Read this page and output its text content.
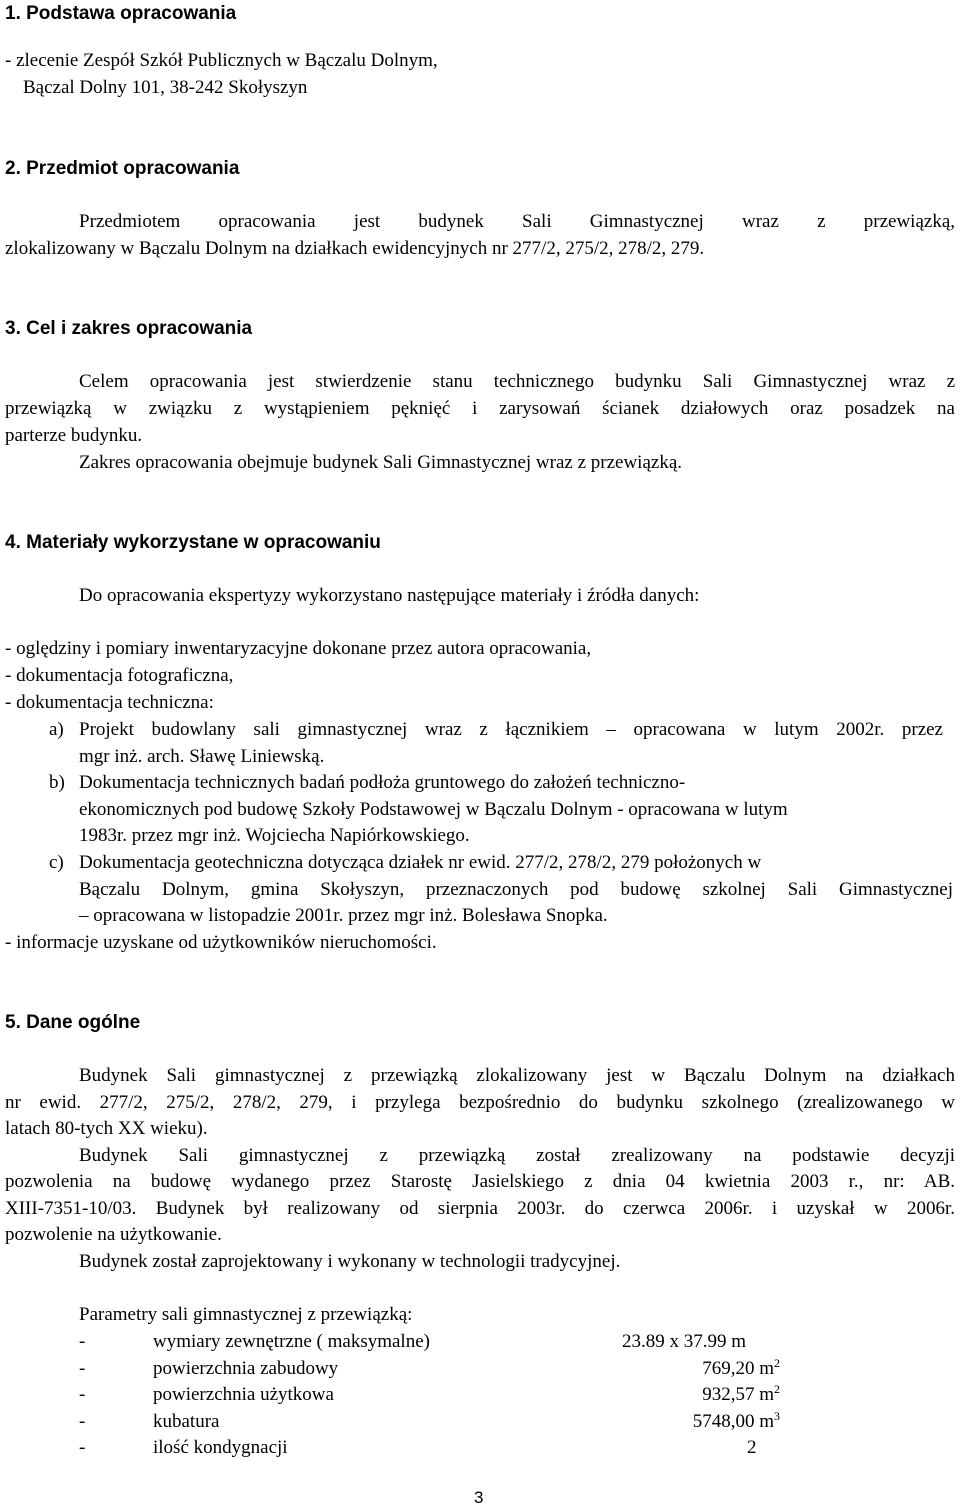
1. Podstawa opracowania
- zlecenie Zespół Szkół Publicznych w Bączalu Dolnym,
Bączal Dolny 101, 38-242 Skołyszyn
2. Przedmiot opracowania
Przedmiotem opracowania jest budynek Sali Gimnastycznej wraz z przewiązką,
zlokalizowany w Bączalu Dolnym na działkach ewidencyjnych nr 277/2, 275/2, 278/2, 279.
3. Cel i zakres opracowania
Celem opracowania jest stwierdzenie stanu technicznego budynku Sali Gimnastycznej wraz z
przewiązką w związku z wystąpieniem pęknięć i zarysowań ścianek działowych oraz posadzek na
parterze budynku.
Zakres opracowania obejmuje budynek Sali Gimnastycznej wraz z przewiązką.
4. Materiały wykorzystane w opracowaniu
Do opracowania ekspertyzy wykorzystano następujące materiały i źródła danych:
- oględziny i pomiary inwentaryzacyjne dokonane przez autora opracowania,
- dokumentacja fotograficzna,
- dokumentacja techniczna:
a) Projekt budowlany sali gimnastycznej wraz z łącznikiem – opracowana w lutym 2002r. przez
mgr inż. arch. Sławę Liniewską.
b) Dokumentacja technicznych badań podłoża gruntowego do założeń techniczno-
ekonomicznych pod budowę Szkoły Podstawowej w Bączalu Dolnym - opracowana w lutym
1983r. przez mgr inż. Wojciecha Napiórkowskiego.
c) Dokumentacja geotechniczna dotycząca działek nr ewid. 277/2, 278/2, 279 położonych w
Bączalu Dolnym, gmina Skołyszyn, przeznaczonych pod budowę szkolnej Sali Gimnastycznej
– opracowana w listopadzie 2001r. przez mgr inż. Bolesława Snopka.
- informacje uzyskane od użytkowników nieruchomości.
5. Dane ogólne
Budynek Sali gimnastycznej z przewiązką zlokalizowany jest w Bączalu Dolnym na działkach
nr ewid. 277/2, 275/2, 278/2, 279, i przylega bezpośrednio do budynku szkolnego (zrealizowanego w
latach 80-tych XX wieku).
Budynek Sali gimnastycznej z przewiązką został zrealizowany na podstawie decyzji
pozwolenia na budowę wydanego przez Starostę Jasielskiego z dnia 04 kwietnia 2003 r., nr: AB.
XIII-7351-10/03. Budynek był realizowany od sierpnia 2003r. do czerwca 2006r. i uzyskał w 2006r.
pozwolenie na użytkowanie.
Budynek został zaprojektowany i wykonany w technologii tradycyjnej.
Parametry sali gimnastycznej z przewiązką:
-	wymiary zewnętrzne ( maksymalne)	23.89 x 37.99 m
-	powierzchnia zabudowy	769,20 $m^2$
-	powierzchnia użytkowa	932,57 $m^2$
-	kubatura	5748,00 $m^3$
-	ilość kondygnacji	2
3
